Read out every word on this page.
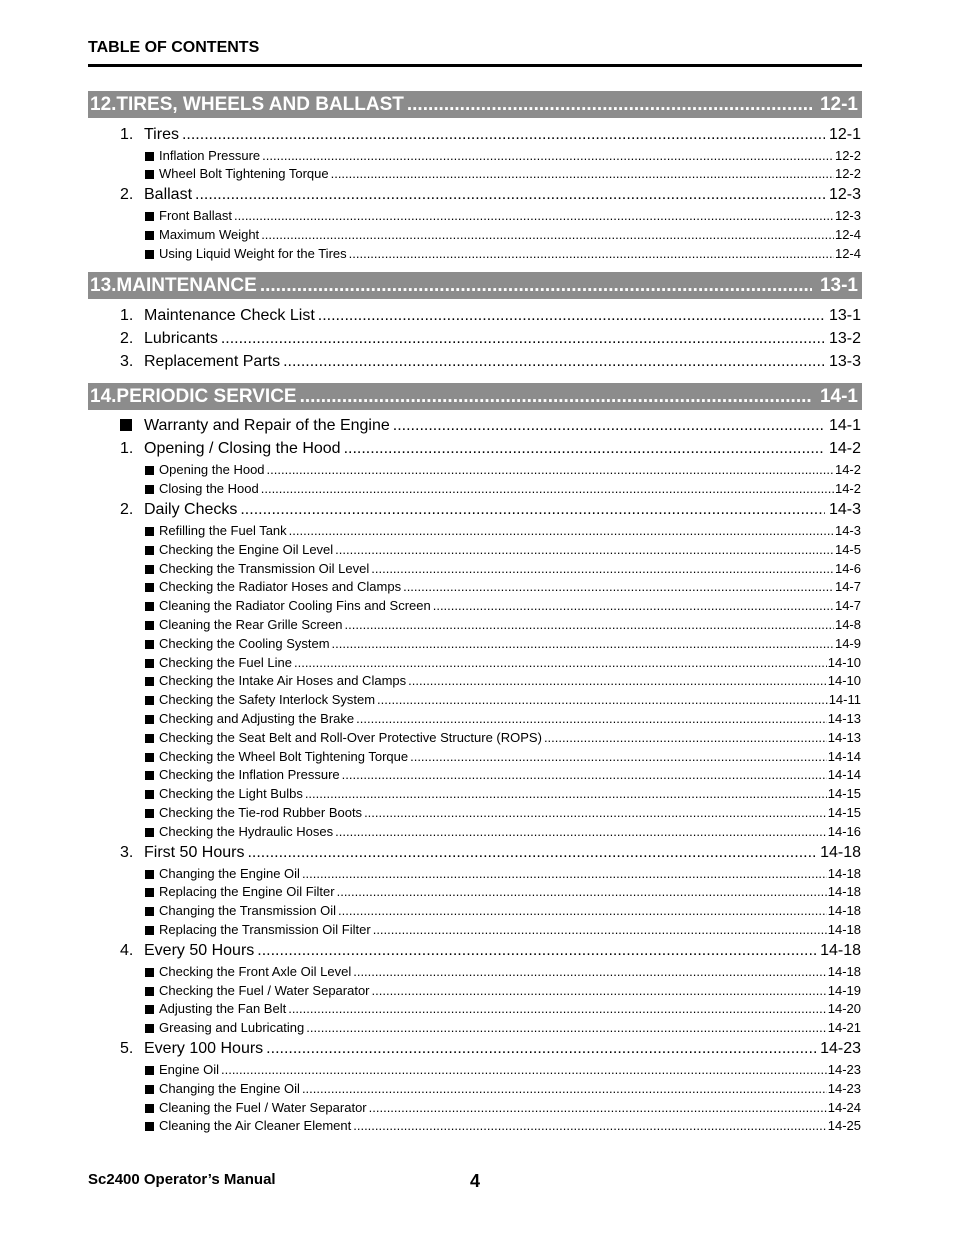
TABLE OF CONTENTS
12.TIRES, WHEELS AND BALLAST .....	12-1
1. Tires .....	12-1
Inflation Pressure .....	12-2
Wheel Bolt Tightening Torque .....	12-2
2. Ballast .....	12-3
Front Ballast .....	12-3
Maximum Weight .....	12-4
Using Liquid Weight for the Tires .....	12-4
13.MAINTENANCE .....	13-1
1. Maintenance Check List .....	13-1
2. Lubricants .....	13-2
3. Replacement Parts .....	13-3
14.PERIODIC SERVICE .....	14-1
Warranty and Repair of the Engine .....	14-1
1. Opening / Closing the Hood .....	14-2
Opening the Hood .....	14-2
Closing the Hood .....	14-2
2. Daily Checks .....	14-3
Refilling the Fuel Tank .....	14-3
Checking the Engine Oil Level .....	14-5
Checking the Transmission Oil Level .....	14-6
Checking the Radiator Hoses and Clamps .....	14-7
Cleaning the Radiator Cooling Fins and Screen .....	14-7
Cleaning the Rear Grille Screen .....	14-8
Checking the Cooling System .....	14-9
Checking the Fuel Line .....	14-10
Checking the Intake Air Hoses and Clamps .....	14-10
Checking the Safety Interlock System .....	14-11
Checking and Adjusting the Brake .....	14-13
Checking the Seat Belt and Roll-Over Protective Structure (ROPS) .....	14-13
Checking the Wheel Bolt Tightening Torque .....	14-14
Checking the Inflation Pressure .....	14-14
Checking the Light Bulbs .....	14-15
Checking the Tie-rod Rubber Boots .....	14-15
Checking the Hydraulic Hoses .....	14-16
3. First 50 Hours .....	14-18
Changing the Engine Oil .....	14-18
Replacing the Engine Oil Filter .....	14-18
Changing the Transmission Oil .....	14-18
Replacing the Transmission Oil Filter .....	14-18
4. Every 50 Hours .....	14-18
Checking the Front Axle Oil Level .....	14-18
Checking the Fuel / Water Separator .....	14-19
Adjusting the Fan Belt .....	14-20
Greasing and Lubricating .....	14-21
5. Every 100 Hours .....	14-23
Engine Oil .....	14-23
Changing the Engine Oil .....	14-23
Cleaning the Fuel / Water Separator .....	14-24
Cleaning the Air Cleaner Element .....	14-25
Sc2400 Operator’s Manual	4
